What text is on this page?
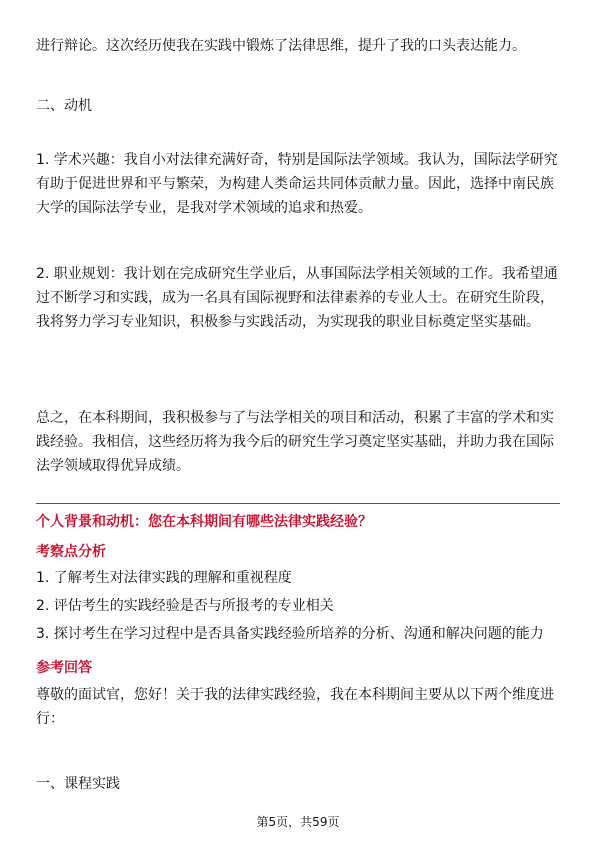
进行辩论。这次经历使我在实践中锻炼了法律思维，提升了我的口头表达能力。

二、动机

1. 学术兴趣：我自小对法律充满好奇，特别是国际法学领域。我认为，国际法学研究有助于促进世界和平与繁荣，为构建人类命运共同体贡献力量。因此，选择中南民族大学的国际法学专业，是我对学术领域的追求和热爱。

2. 职业规划：我计划在完成研究生学业后，从事国际法学相关领域的工作。我希望通过不断学习和实践，成为一名具有国际视野和法律素养的专业人士。在研究生阶段，我将努力学习专业知识，积极参与实践活动，为实现我的职业目标奠定坚实基础。

总之，在本科期间，我积极参与了与法学相关的项目和活动，积累了丰富的学术和实践经验。我相信，这些经历将为我今后的研究生学习奠定坚实基础，并助力我在国际法学领域取得优异成绩。

个人背景和动机：您在本科期间有哪些法律实践经验？

考察点分析

1. 了解考生对法律实践的理解和重视程度

2. 评估考生的实践经验是否与所报考的专业相关

3. 探讨考生在学习过程中是否具备实践经验所培养的分析、沟通和解决问题的能力

参考回答

尊敬的面试官，您好！关于我的法律实践经验，我在本科期间主要从以下两个维度进行：

一、课程实践

第5页，共59页
